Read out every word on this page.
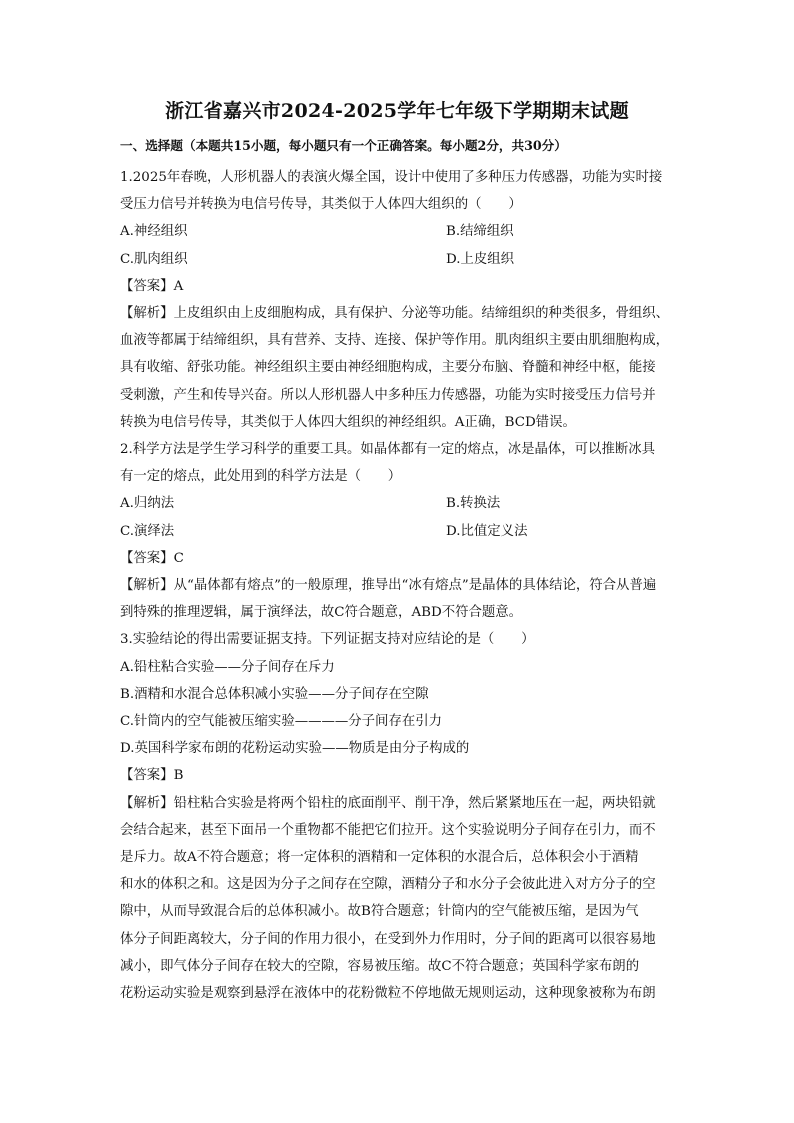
浙江省嘉兴市2024-2025学年七年级下学期期末试题
一、选择题（本题共15小题，每小题只有一个正确答案。每小题2分，共30分）
1.2025年春晚，人形机器人的表演火爆全国，设计中使用了多种压力传感器，功能为实时接
受压力信号并转换为电信号传导，其类似于人体四大组织的（　　）
A.神经组织	B.结缔组织
C.肌肉组织	D.上皮组织
【答案】A
【解析】上皮组织由上皮细胞构成，具有保护、分泌等功能。结缔组织的种类很多，骨组织、
血液等都属于结缔组织，具有营养、支持、连接、保护等作用。肌肉组织主要由肌细胞构成，
具有收缩、舒张功能。神经组织主要由神经细胞构成，主要分布脑、脊髓和神经中枢，能接
受刺激，产生和传导兴奋。所以人形机器人中多种压力传感器，功能为实时接受压力信号并
转换为电信号传导，其类似于人体四大组织的神经组织。A正确，BCD错误。
2.科学方法是学生学习科学的重要工具。如晶体都有一定的熔点，冰是晶体，可以推断冰具
有一定的熔点，此处用到的科学方法是（　　）
A.归纳法	B.转换法
C.演绎法	D.比值定义法
【答案】C
【解析】从“晶体都有熔点”的一般原理，推导出“冰有熔点”是晶体的具体结论，符合从普遍
到特殊的推理逻辑，属于演绎法，故C符合题意，ABD不符合题意。
3.实验结论的得出需要证据支持。下列证据支持对应结论的是（　　）
A.铅柱粘合实验——分子间存在斥力
B.酒精和水混合总体积减小实验——分子间存在空隙
C.针筒内的空气能被压缩实验————分子间存在引力
D.英国科学家布朗的花粉运动实验——物质是由分子构成的
【答案】B
【解析】铅柱粘合实验是将两个铅柱的底面削平、削干净，然后紧紧地压在一起，两块铅就
会结合起来，甚至下面吊一个重物都不能把它们拉开。这个实验说明分子间存在引力，而不
是斥力。故A不符合题意；将一定体积的酒精和一定体积的水混合后，总体积会小于酒精
和水的体积之和。这是因为分子之间存在空隙，酒精分子和水分子会彼此进入对方分子的空
隙中，从而导致混合后的总体积减小。故B符合题意；针筒内的空气能被压缩，是因为气
体分子间距离较大，分子间的作用力很小，在受到外力作用时，分子间的距离可以很容易地
减小，即气体分子间存在较大的空隙，容易被压缩。故C不符合题意；英国科学家布朗的
花粉运动实验是观察到悬浮在液体中的花粉微粒不停地做无规则运动，这种现象被称为布朗
